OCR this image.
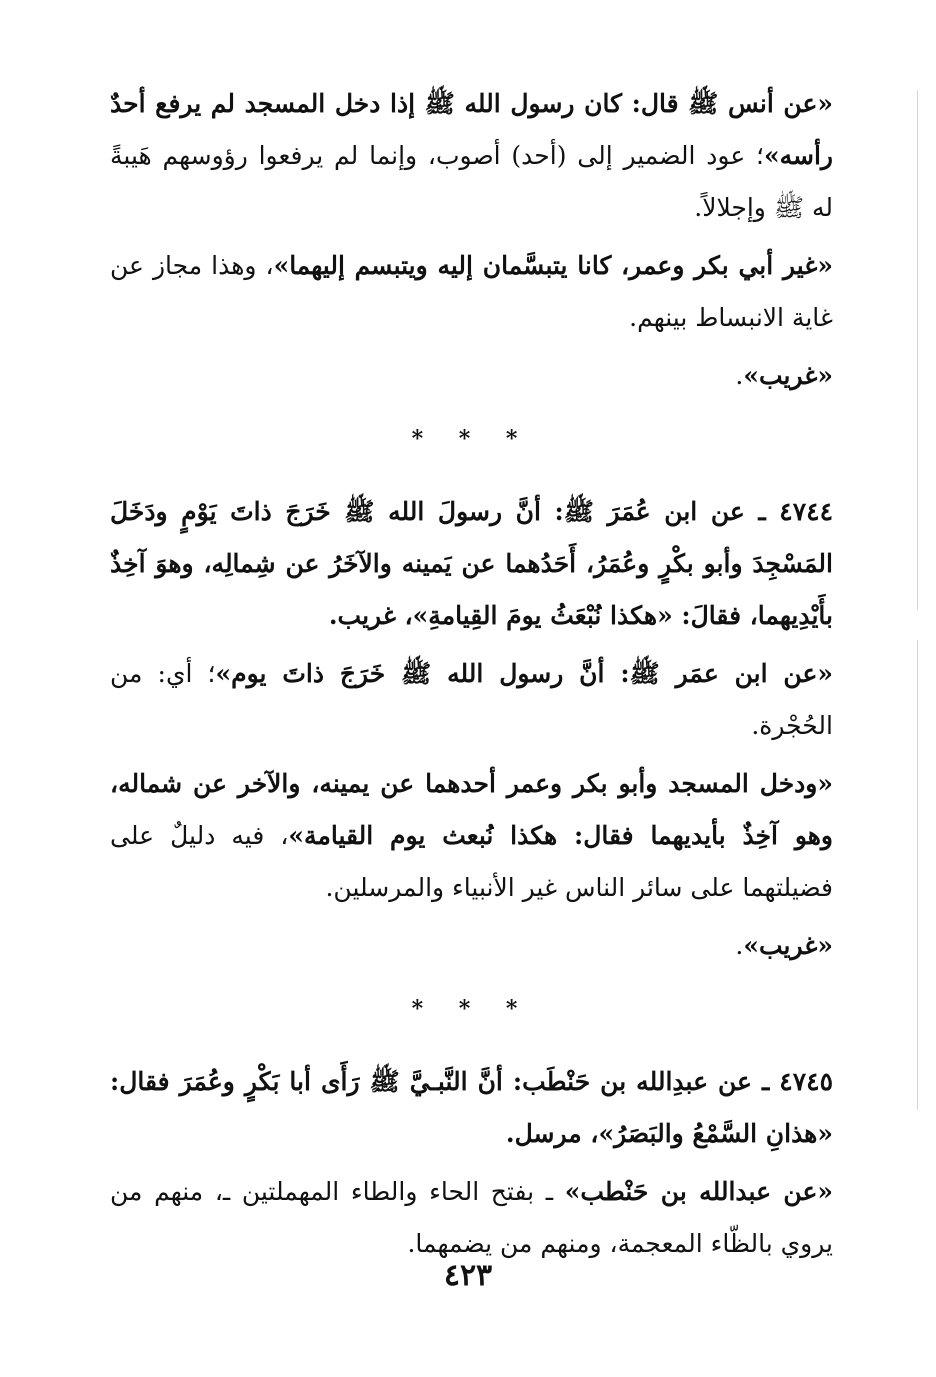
«عن أنس ﷺ قال: كان رسول الله ﷺ إذا دخل المسجد لم يرفع أحدٌ رأسه»؛ عود الضمير إلى (أحد) أصوب، وإنما لم يرفعوا رؤوسهم هَيبةً له ﷺ وإجلالاً.

«غير أبي بكر وعمر، كانا يتبسَّمان إليه ويتبسم إليهما»، وهذا مجاز عن غاية الانبساط بينهم.

«غريب».

* * *

٤٧٤٤ ـ عن ابن عُمَرَ ﷺ: أنَّ رسولَ الله ﷺ خَرَجَ ذاتَ يَوْمٍ ودَخَلَ المَسْجِدَ وأبو بكْرٍ وعُمَرُ، أَحَدُهما عن يَمينه والآخَرُ عن شِمالِه، وهوَ آخِذٌ بأَيْدِيهما، فقالَ: «هكذا نُبْعَثُ يومَ القِيامةِ»، غريب.

«عن ابن عمَر ﷺ: أنَّ رسول الله ﷺ خَرَجَ ذاتَ يوم»؛ أي: من الحُجْرة.

«ودخل المسجد وأبو بكر وعمر أحدهما عن يمينه، والآخر عن شماله، وهو آخِذٌ بأيديهما فقال: هكذا نُبعث يوم القيامة»، فيه دليلٌ على فضيلتهما على سائر الناس غير الأنبياء والمرسلين.

«غريب».

* * *

٤٧٤٥ ـ عن عبدِالله بن حَنْطَب: أنَّ النَّبـيَّ ﷺ رَأَى أبا بَكْرٍ وعُمَرَ فقال: «هذانِ السَّمْعُ والبَصَرُ»، مرسل.

«عن عبدالله بن حَنْطب» ـ بفتح الحاء والطاء المهملتين ـ، منهم من يروي بالظّاء المعجمة، ومنهم من يضمهما.

٤٢٣
